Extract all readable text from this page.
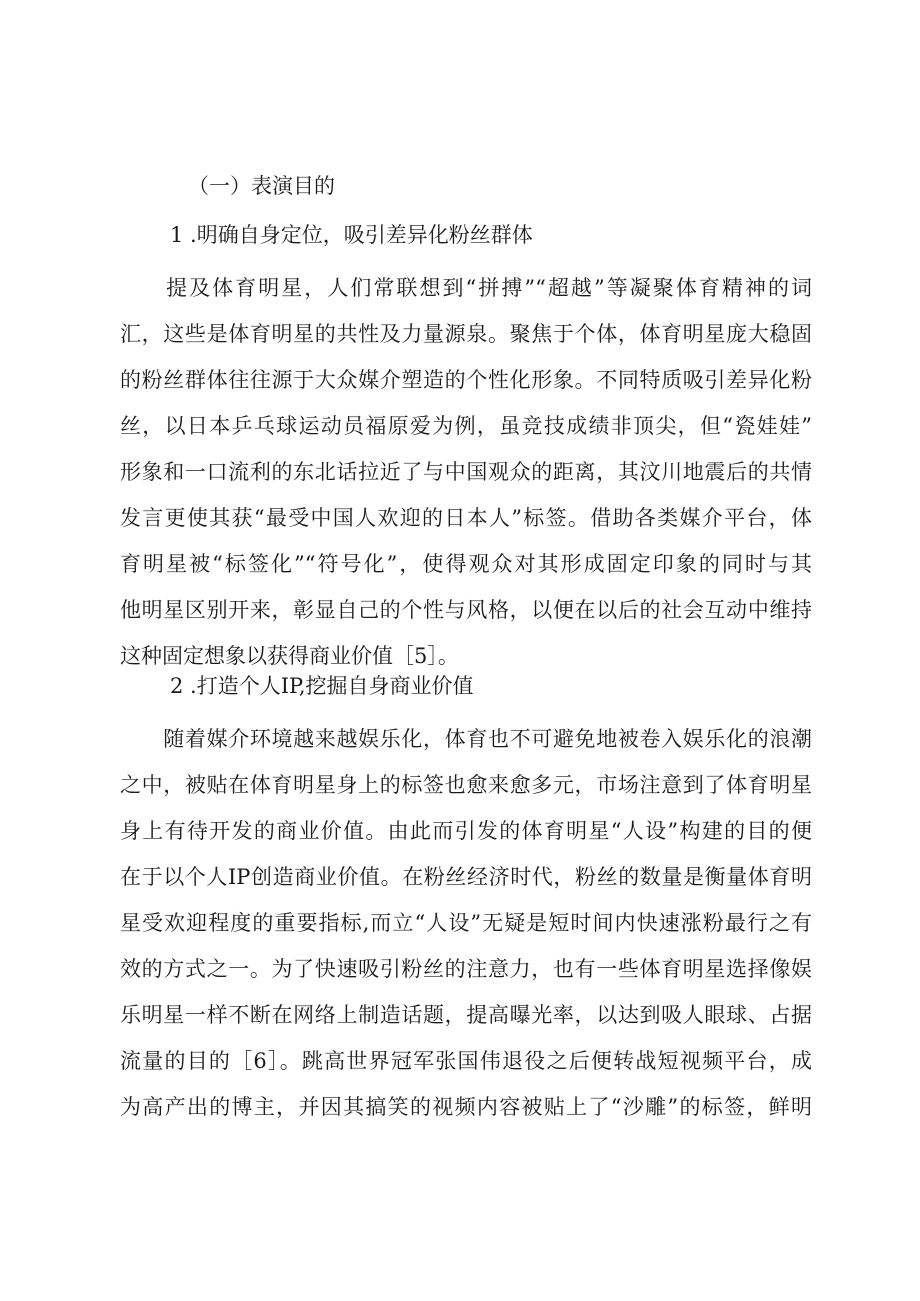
（一）表演目的
1 .明确自身定位，吸引差异化粉丝群体
　　提及体育明星，人们常联想到“拼搏”“超越”等凝聚体育精神的词
汇，这些是体育明星的共性及力量源泉。聚焦于个体，体育明星庞大稳固
的粉丝群体往往源于大众媒介塑造的个性化形象。不同特质吸引差异化粉
丝，以日本乒乓球运动员福原爱为例，虽竞技成绩非顶尖，但“瓷娃娃”
形象和一口流利的东北话拉近了与中国观众的距离，其汶川地震后的共情
发言更使其获“最受中国人欢迎的日本人”标签。借助各类媒介平台，体
育明星被“标签化”“符号化”，使得观众对其形成固定印象的同时与其
他明星区别开来，彰显自己的个性与风格，以便在以后的社会互动中维持
这种固定想象以获得商业价值［5］。
2 .打造个人IP,挖掘自身商业价值
　　随着媒介环境越来越娱乐化，体育也不可避免地被卷入娱乐化的浪潮
之中，被贴在体育明星身上的标签也愈来愈多元，市场注意到了体育明星
身上有待开发的商业价值。由此而引发的体育明星“人设”构建的目的便
在于以个人IP创造商业价值。在粉丝经济时代，粉丝的数量是衡量体育明
星受欢迎程度的重要指标,而立“人设”无疑是短时间内快速涨粉最行之有
效的方式之一。为了快速吸引粉丝的注意力，也有一些体育明星选择像娱
乐明星一样不断在网络上制造话题，提高曝光率，以达到吸人眼球、占据
流量的目的［6］。跳高世界冠军张国伟退役之后便转战短视频平台，成
为高产出的博主，并因其搞笑的视频内容被贴上了“沙雕”的标签，鲜明
